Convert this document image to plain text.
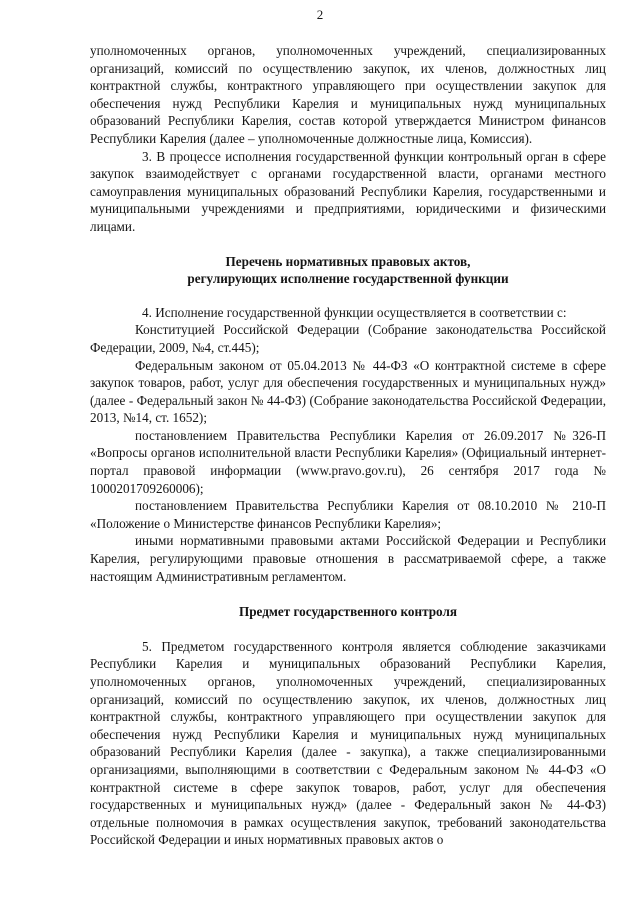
2

уполномоченных органов, уполномоченных учреждений, специализированных организаций, комиссий по осуществлению закупок, их членов, должностных лиц контрактной службы, контрактного управляющего при осуществлении закупок для обеспечения нужд Республики Карелия и муниципальных нужд муниципальных образований Республики Карелия, состав которой утверждается Министром финансов Республики Карелия (далее – уполномоченные должностные лица, Комиссия).

3. В процессе исполнения государственной функции контрольный орган в сфере закупок взаимодействует с органами государственной власти, органами местного самоуправления муниципальных образований Республики Карелия, государственными и муниципальными учреждениями и предприятиями, юридическими и физическими лицами.

Перечень нормативных правовых актов,

регулирующих исполнение государственной функции

4. Исполнение государственной функции осуществляется в соответствии с:

Конституцией Российской Федерации (Собрание законодательства Российской Федерации, 2009, №4, ст.445);

Федеральным законом от 05.04.2013 № 44-ФЗ «О контрактной системе в сфере закупок товаров, работ, услуг для обеспечения государственных и муниципальных нужд» (далее - Федеральный закон № 44-ФЗ) (Собрание законодательства Российской Федерации, 2013, №14, ст. 1652);

постановлением Правительства Республики Карелия от 26.09.2017 №326-П «Вопросы органов исполнительной власти Республики Карелия» (Официальный интернет-портал правовой информации (www.pravo.gov.ru), 26 сентября 2017 года № 1000201709260006);

постановлением Правительства Республики Карелия от 08.10.2010 № 210-П «Положение о Министерстве финансов Республики Карелия»;

иными нормативными правовыми актами Российской Федерации и Республики Карелия, регулирующими правовые отношения в рассматриваемой сфере, а также настоящим Административным регламентом.

Предмет государственного контроля

5. Предметом государственного контроля является соблюдение заказчиками Республики Карелия и муниципальных образований Республики Карелия, уполномоченных органов, уполномоченных учреждений, специализированных организаций, комиссий по осуществлению закупок, их членов, должностных лиц контрактной службы, контрактного управляющего при осуществлении закупок для обеспечения нужд Республики Карелия и муниципальных нужд муниципальных образований Республики Карелия (далее - закупка), а также специализированными организациями, выполняющими в соответствии с Федеральным законом № 44-ФЗ «О контрактной системе в сфере закупок товаров, работ, услуг для обеспечения государственных и муниципальных нужд» (далее - Федеральный закон № 44-ФЗ) отдельные полномочия в рамках осуществления закупок, требований законодательства Российской Федерации и иных нормативных правовых актов о
